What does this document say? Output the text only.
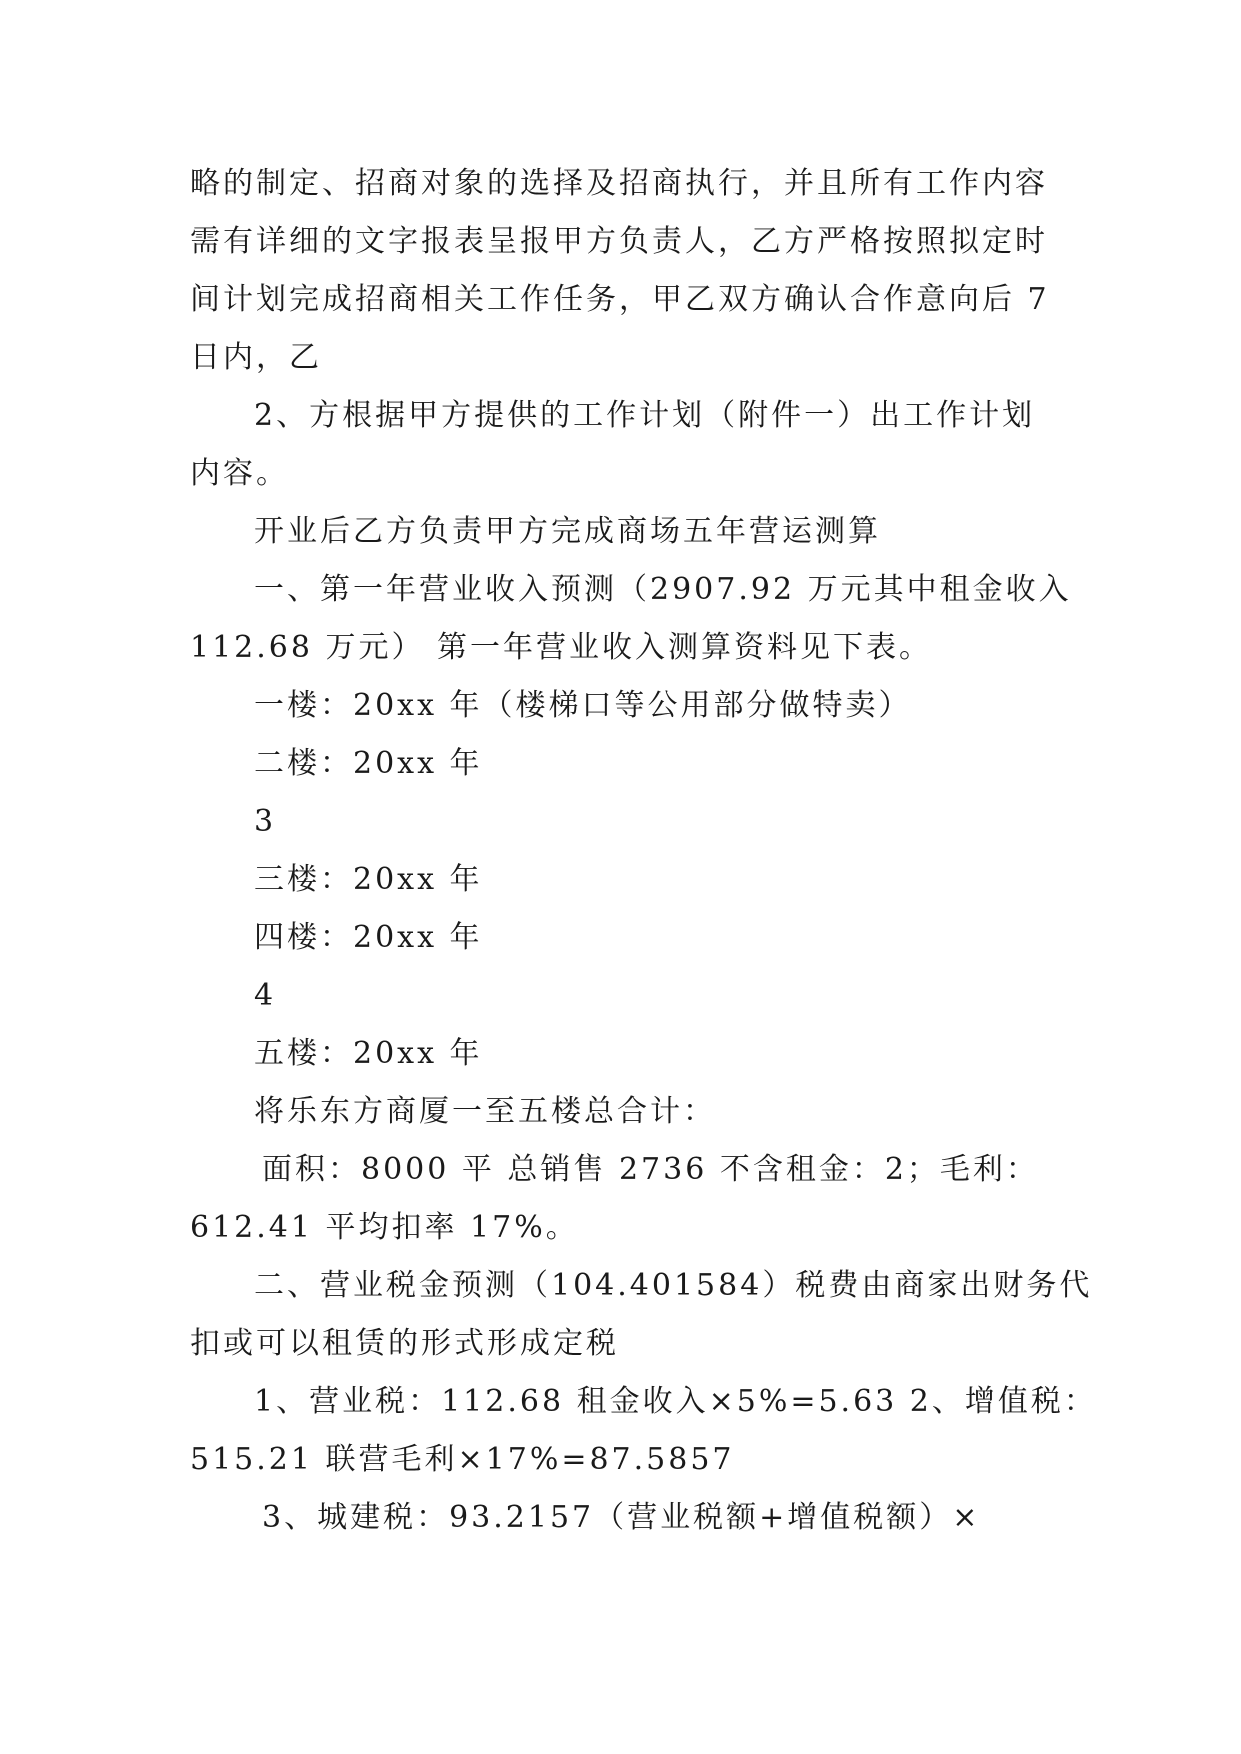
略的制定、招商对象的选择及招商执行，并且所有工作内容
需有详细的文字报表呈报甲方负责人，乙方严格按照拟定时
间计划完成招商相关工作任务，甲乙双方确认合作意向后 7
日内，乙
2、方根据甲方提供的工作计划（附件一）出工作计划
内容。
开业后乙方负责甲方完成商场五年营运测算
一、第一年营业收入预测（2907.92 万元其中租金收入
112.68 万元） 第一年营业收入测算资料见下表。
一楼：20xx 年（楼梯口等公用部分做特卖）
二楼：20xx 年
3
三楼：20xx 年
四楼：20xx 年
4
五楼：20xx 年
将乐东方商厦一至五楼总合计：
面积：8000 平 总销售 2736 不含租金：2；毛利：
612.41 平均扣率 17%。
二、营业税金预测（104.401584）税费由商家出财务代
扣或可以租赁的形式形成定税
1、营业税：112.68 租金收入×5%=5.63 2、增值税：
515.21 联营毛利×17%=87.5857
3、城建税：93.2157（营业税额+增值税额）×
